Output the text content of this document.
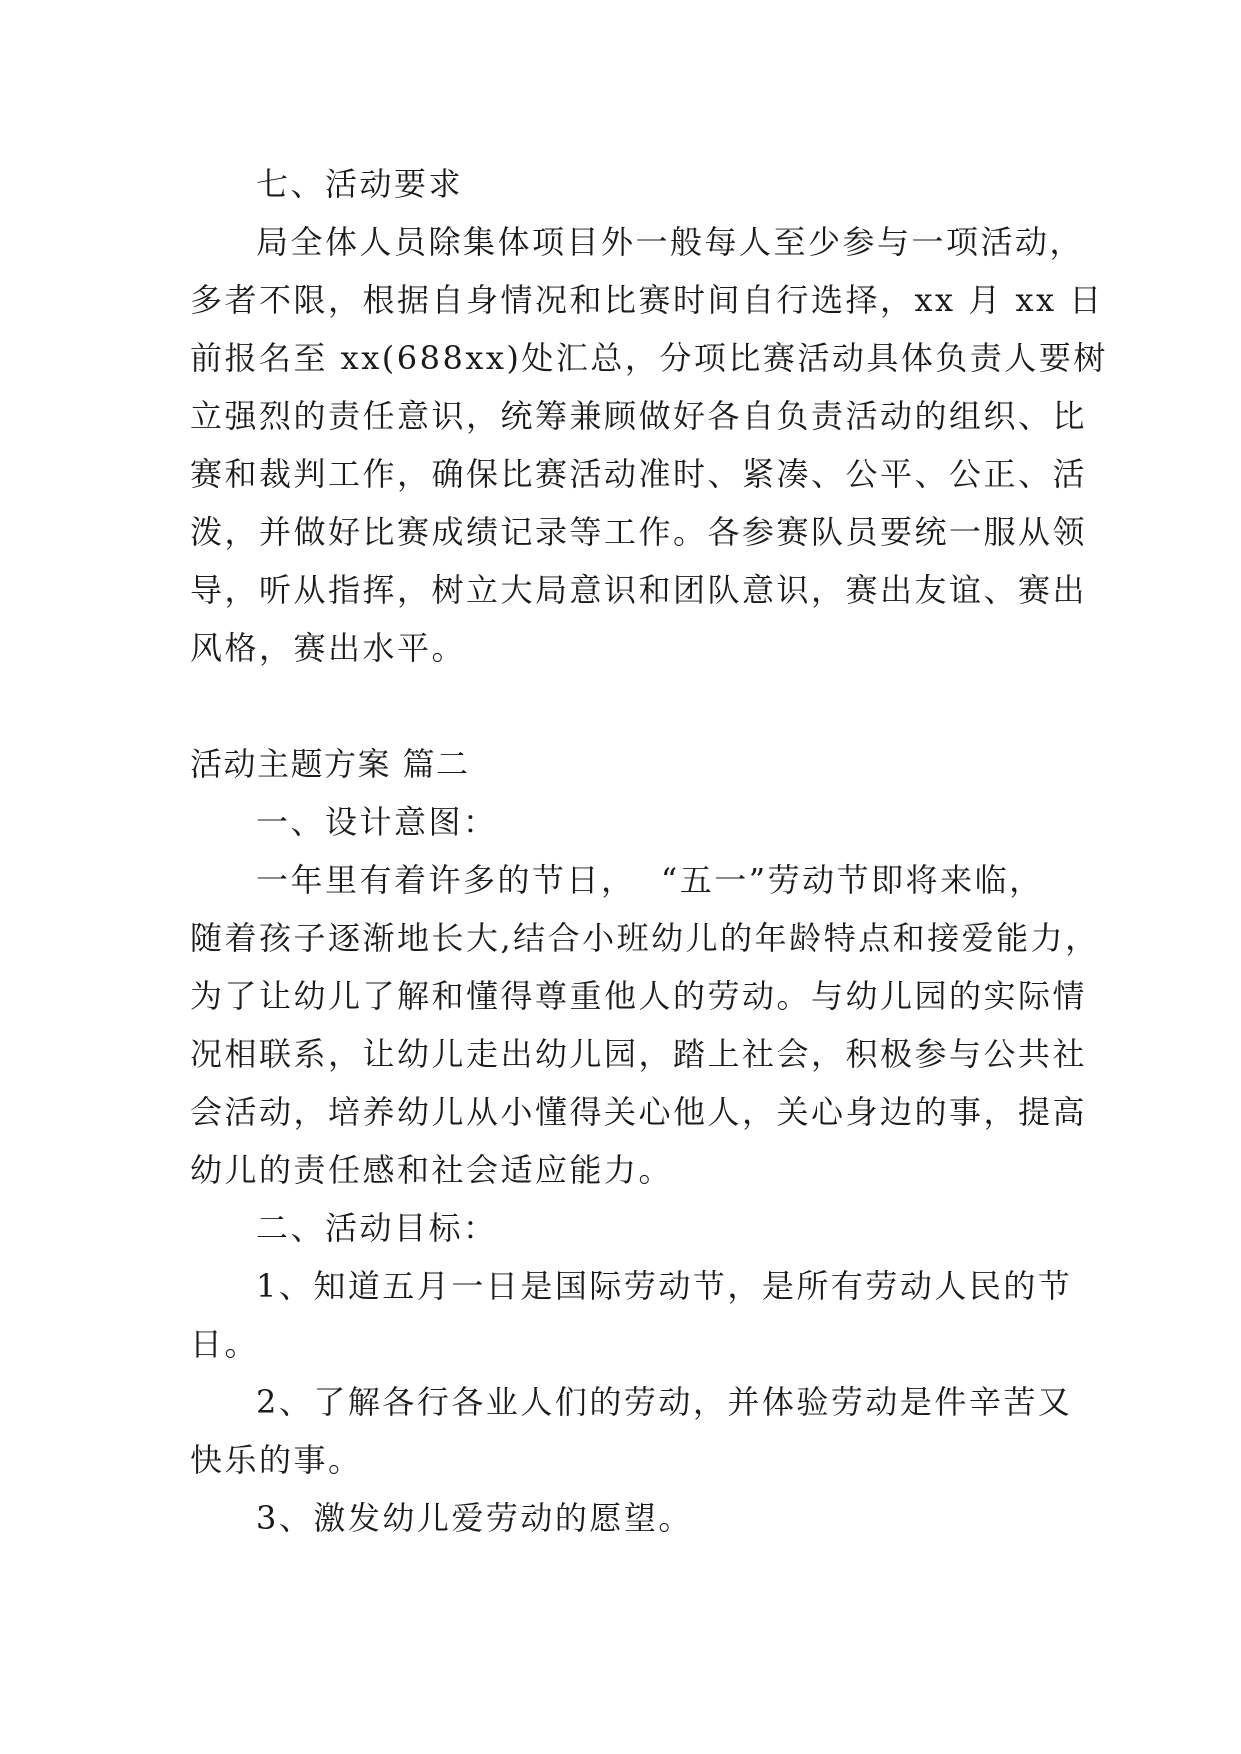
七、活动要求
局全体人员除集体项目外一般每人至少参与一项活动，
多者不限，根据自身情况和比赛时间自行选择，xx 月 xx 日
前报名至 xx(688xx)处汇总，分项比赛活动具体负责人要树
立强烈的责任意识，统筹兼顾做好各自负责活动的组织、比
赛和裁判工作，确保比赛活动准时、紧凑、公平、公正、活
泼，并做好比赛成绩记录等工作。各参赛队员要统一服从领
导，听从指挥，树立大局意识和团队意识，赛出友谊、赛出
风格，赛出水平。
活动主题方案 篇二
一、设计意图：
一年里有着许多的节日，  “五一”劳动节即将来临，
随着孩子逐渐地长大,结合小班幼儿的年龄特点和接爱能力，
为了让幼儿了解和懂得尊重他人的劳动。与幼儿园的实际情
况相联系，让幼儿走出幼儿园，踏上社会，积极参与公共社
会活动，培养幼儿从小懂得关心他人，关心身边的事，提高
幼儿的责任感和社会适应能力。
二、活动目标：
1、知道五月一日是国际劳动节，是所有劳动人民的节
日。
2、了解各行各业人们的劳动，并体验劳动是件辛苦又
快乐的事。
3、激发幼儿爱劳动的愿望。
